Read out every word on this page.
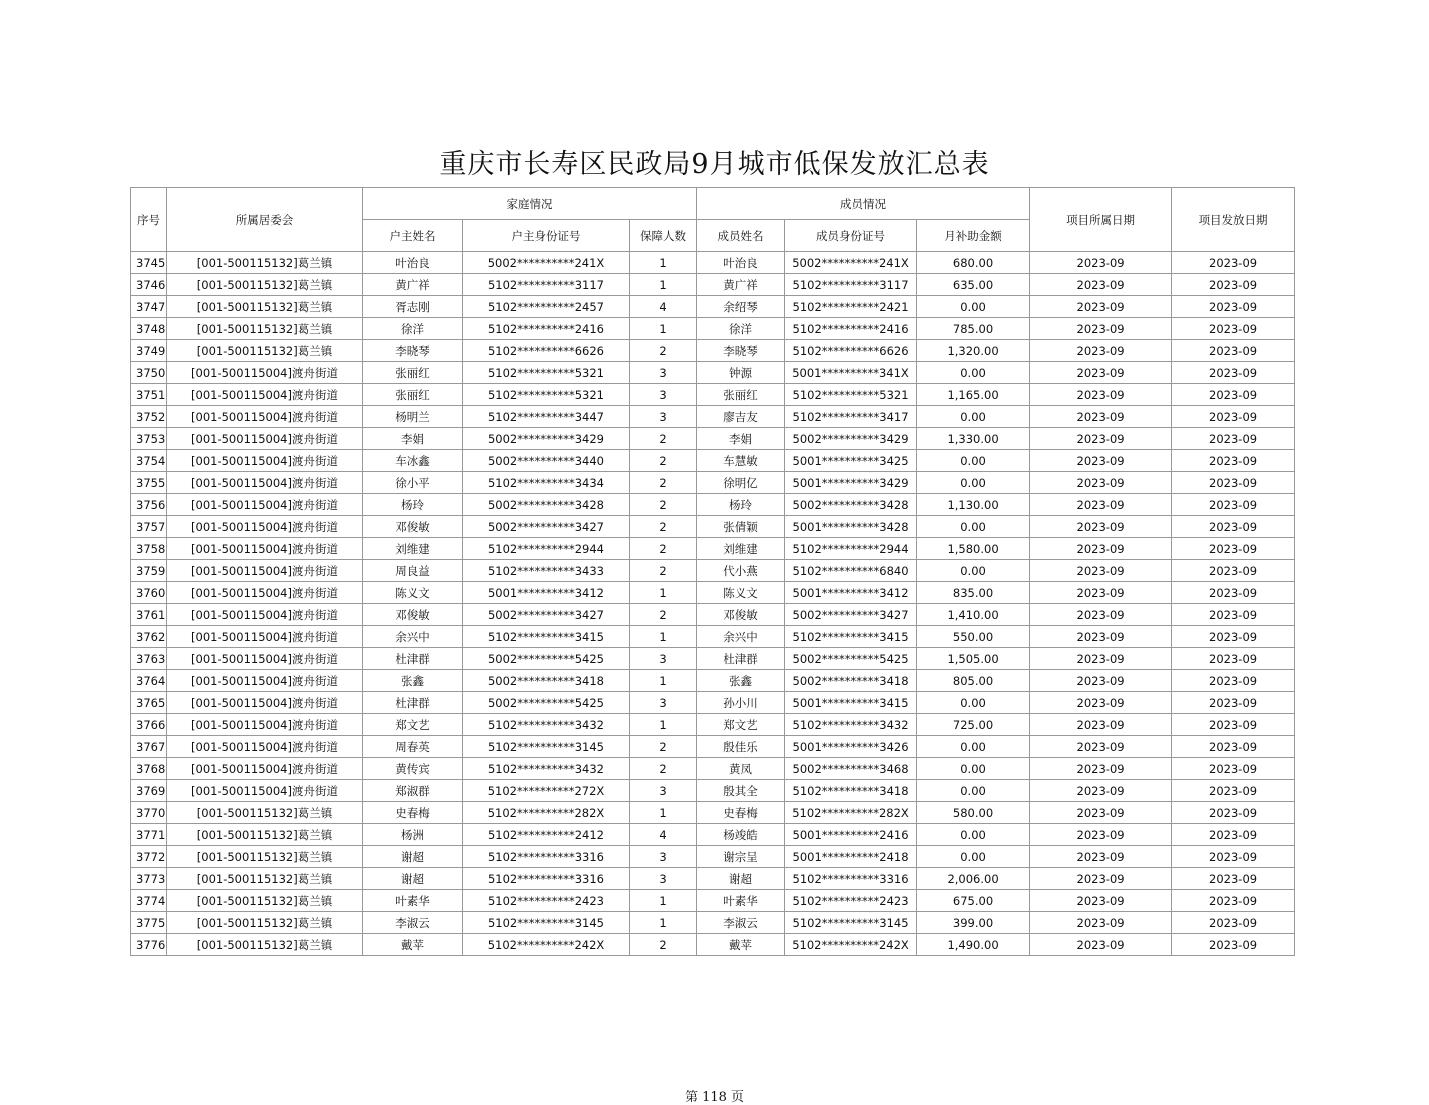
重庆市长寿区民政局9月城市低保发放汇总表
序号	所属居委会	家庭情况			成员情况			项目所属日期	项目发放日期
		户主姓名	户主身份证号	保障人数	成员姓名	成员身份证号	月补助金额		
3745	[001-500115132]葛兰镇	叶治良	5002**********241X	1	叶治良	5002**********241X	680.00	2023-09	2023-09
3746	[001-500115132]葛兰镇	黄广祥	5102**********3117	1	黄广祥	5102**********3117	635.00	2023-09	2023-09
3747	[001-500115132]葛兰镇	胥志刚	5102**********2457	4	余绍琴	5102**********2421	0.00	2023-09	2023-09
3748	[001-500115132]葛兰镇	徐洋	5102**********2416	1	徐洋	5102**********2416	785.00	2023-09	2023-09
3749	[001-500115132]葛兰镇	李晓琴	5102**********6626	2	李晓琴	5102**********6626	1,320.00	2023-09	2023-09
3750	[001-500115004]渡舟街道	张丽红	5102**********5321	3	钟源	5001**********341X	0.00	2023-09	2023-09
3751	[001-500115004]渡舟街道	张丽红	5102**********5321	3	张丽红	5102**********5321	1,165.00	2023-09	2023-09
3752	[001-500115004]渡舟街道	杨明兰	5102**********3447	3	廖吉友	5102**********3417	0.00	2023-09	2023-09
3753	[001-500115004]渡舟街道	李娟	5002**********3429	2	李娟	5002**********3429	1,330.00	2023-09	2023-09
3754	[001-500115004]渡舟街道	车冰鑫	5002**********3440	2	车慧敏	5001**********3425	0.00	2023-09	2023-09
3755	[001-500115004]渡舟街道	徐小平	5102**********3434	2	徐明亿	5001**********3429	0.00	2023-09	2023-09
3756	[001-500115004]渡舟街道	杨玲	5002**********3428	2	杨玲	5002**********3428	1,130.00	2023-09	2023-09
3757	[001-500115004]渡舟街道	邓俊敏	5002**********3427	2	张倩颖	5001**********3428	0.00	2023-09	2023-09
3758	[001-500115004]渡舟街道	刘维建	5102**********2944	2	刘维建	5102**********2944	1,580.00	2023-09	2023-09
3759	[001-500115004]渡舟街道	周良益	5102**********3433	2	代小燕	5102**********6840	0.00	2023-09	2023-09
3760	[001-500115004]渡舟街道	陈义文	5001**********3412	1	陈义文	5001**********3412	835.00	2023-09	2023-09
3761	[001-500115004]渡舟街道	邓俊敏	5002**********3427	2	邓俊敏	5002**********3427	1,410.00	2023-09	2023-09
3762	[001-500115004]渡舟街道	余兴中	5102**********3415	1	余兴中	5102**********3415	550.00	2023-09	2023-09
3763	[001-500115004]渡舟街道	杜津群	5002**********5425	3	杜津群	5002**********5425	1,505.00	2023-09	2023-09
3764	[001-500115004]渡舟街道	张鑫	5002**********3418	1	张鑫	5002**********3418	805.00	2023-09	2023-09
3765	[001-500115004]渡舟街道	杜津群	5002**********5425	3	孙小川	5001**********3415	0.00	2023-09	2023-09
3766	[001-500115004]渡舟街道	郑文艺	5102**********3432	1	郑文艺	5102**********3432	725.00	2023-09	2023-09
3767	[001-500115004]渡舟街道	周春英	5102**********3145	2	殷佳乐	5001**********3426	0.00	2023-09	2023-09
3768	[001-500115004]渡舟街道	黄传宾	5102**********3432	2	黄凤	5002**********3468	0.00	2023-09	2023-09
3769	[001-500115004]渡舟街道	郑淑群	5102**********272X	3	殷其全	5102**********3418	0.00	2023-09	2023-09
3770	[001-500115132]葛兰镇	史春梅	5102**********282X	1	史春梅	5102**********282X	580.00	2023-09	2023-09
3771	[001-500115132]葛兰镇	杨洲	5102**********2412	4	杨竣皓	5001**********2416	0.00	2023-09	2023-09
3772	[001-500115132]葛兰镇	谢超	5102**********3316	3	谢宗呈	5001**********2418	0.00	2023-09	2023-09
3773	[001-500115132]葛兰镇	谢超	5102**********3316	3	谢超	5102**********3316	2,006.00	2023-09	2023-09
3774	[001-500115132]葛兰镇	叶素华	5102**********2423	1	叶素华	5102**********2423	675.00	2023-09	2023-09
3775	[001-500115132]葛兰镇	李淑云	5102**********3145	1	李淑云	5102**********3145	399.00	2023-09	2023-09
3776	[001-500115132]葛兰镇	戴苹	5102**********242X	2	戴苹	5102**********242X	1,490.00	2023-09	2023-09
第 118 页
